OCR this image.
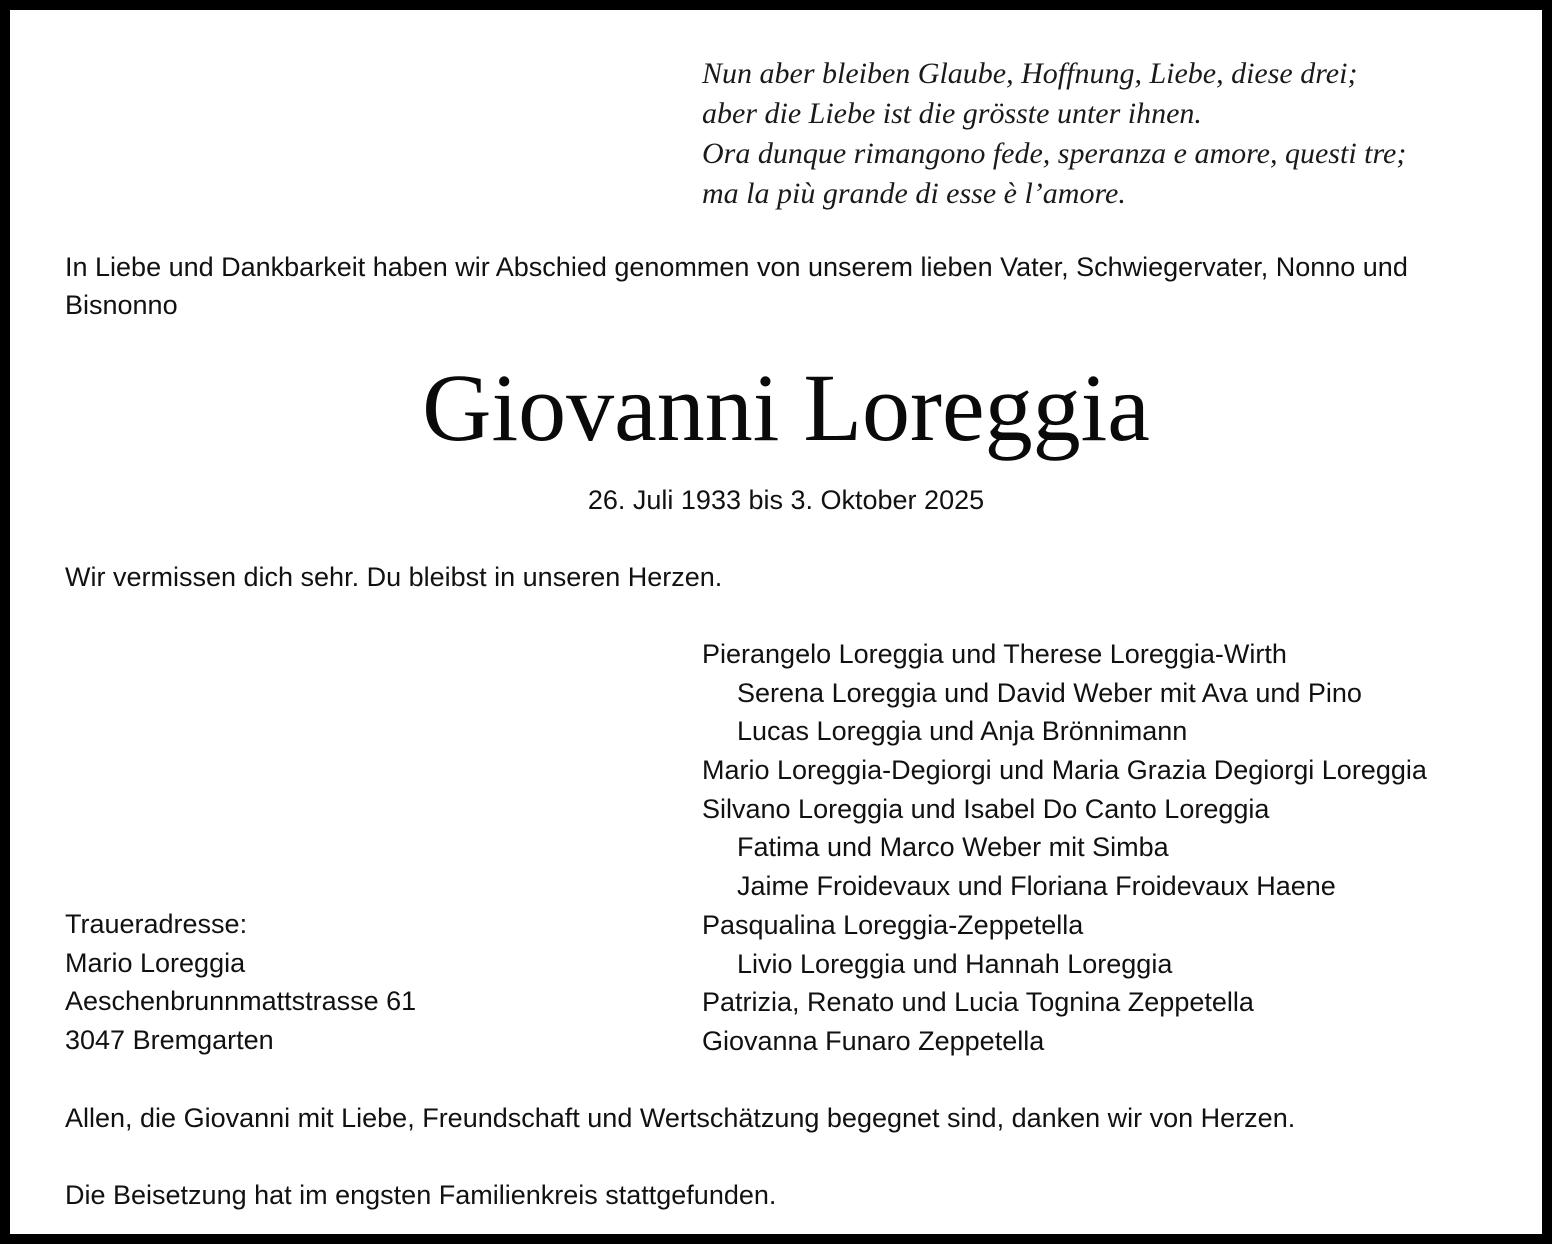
Nun aber bleiben Glaube, Hoffnung, Liebe, diese drei;
aber die Liebe ist die grösste unter ihnen.
Ora dunque rimangono fede, speranza e amore, questi tre;
ma la più grande di esse è l’amore.
In Liebe und Dankbarkeit haben wir Abschied genommen von unserem lieben Vater, Schwiegervater, Nonno und Bisnonno
Giovanni Loreggia
26. Juli 1933 bis 3. Oktober 2025
Wir vermissen dich sehr. Du bleibst in unseren Herzen.
Pierangelo Loreggia und Therese Loreggia-Wirth
Serena Loreggia und David Weber mit Ava und Pino
Lucas Loreggia und Anja Brönnimann
Mario Loreggia-Degiorgi und Maria Grazia Degiorgi Loreggia
Silvano Loreggia und Isabel Do Canto Loreggia
Fatima und Marco Weber mit Simba
Jaime Froidevaux und Floriana Froidevaux Haene
Pasqualina Loreggia-Zeppetella
Livio Loreggia und Hannah Loreggia
Patrizia, Renato und Lucia Tognina Zeppetella
Giovanna Funaro Zeppetella
Traueradresse:
Mario Loreggia
Aeschenbrunnmattstrasse 61
3047 Bremgarten
Allen, die Giovanni mit Liebe, Freundschaft und Wertschätzung begegnet sind, danken wir von Herzen.
Die Beisetzung hat im engsten Familienkreis stattgefunden.
